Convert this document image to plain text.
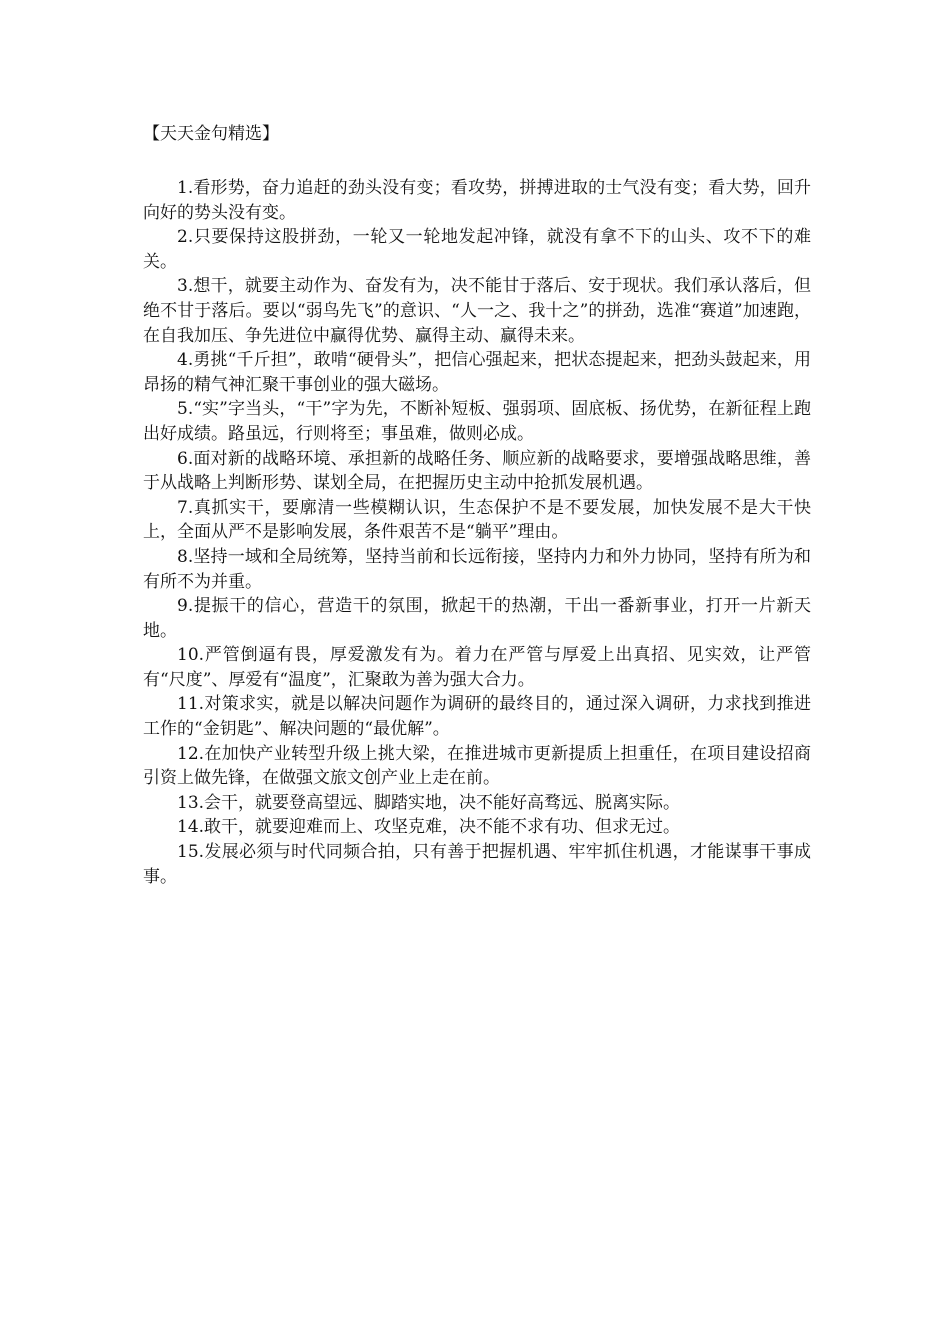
【天天金句精选】

1.看形势，奋力追赶的劲头没有变；看攻势，拼搏进取的士气没有变；看大势，回升向好的势头没有变。

2.只要保持这股拼劲，一轮又一轮地发起冲锋，就没有拿不下的山头、攻不下的难关。

3.想干，就要主动作为、奋发有为，决不能甘于落后、安于现状。我们承认落后，但绝不甘于落后。要以“弱鸟先飞”的意识、“人一之、我十之”的拼劲，选准“赛道”加速跑，在自我加压、争先进位中赢得优势、赢得主动、赢得未来。

4.勇挑“千斤担”，敢啃“硬骨头”，把信心强起来，把状态提起来，把劲头鼓起来，用昂扬的精气神汇聚干事创业的强大磁场。

5.“实”字当头，“干”字为先，不断补短板、强弱项、固底板、扬优势，在新征程上跑出好成绩。路虽远，行则将至；事虽难，做则必成。

6.面对新的战略环境、承担新的战略任务、顺应新的战略要求，要增强战略思维，善于从战略上判断形势、谋划全局，在把握历史主动中抢抓发展机遇。

7.真抓实干，要廓清一些模糊认识，生态保护不是不要发展，加快发展不是大干快上，全面从严不是影响发展，条件艰苦不是“躺平”理由。

8.坚持一域和全局统筹，坚持当前和长远衔接，坚持内力和外力协同，坚持有所为和有所不为并重。

9.提振干的信心，营造干的氛围，掀起干的热潮，干出一番新事业，打开一片新天地。

10.严管倒逼有畏，厚爱激发有为。着力在严管与厚爱上出真招、见实效，让严管有“尺度”、厚爱有“温度”，汇聚敢为善为强大合力。

11.对策求实，就是以解决问题作为调研的最终目的，通过深入调研，力求找到推进工作的“金钥匙”、解决问题的“最优解”。

12.在加快产业转型升级上挑大梁，在推进城市更新提质上担重任，在项目建设招商引资上做先锋，在做强文旅文创产业上走在前。

13.会干，就要登高望远、脚踏实地，决不能好高骛远、脱离实际。

14.敢干，就要迎难而上、攻坚克难，决不能不求有功、但求无过。

15.发展必须与时代同频合拍，只有善于把握机遇、牢牢抓住机遇，才能谋事干事成事。
